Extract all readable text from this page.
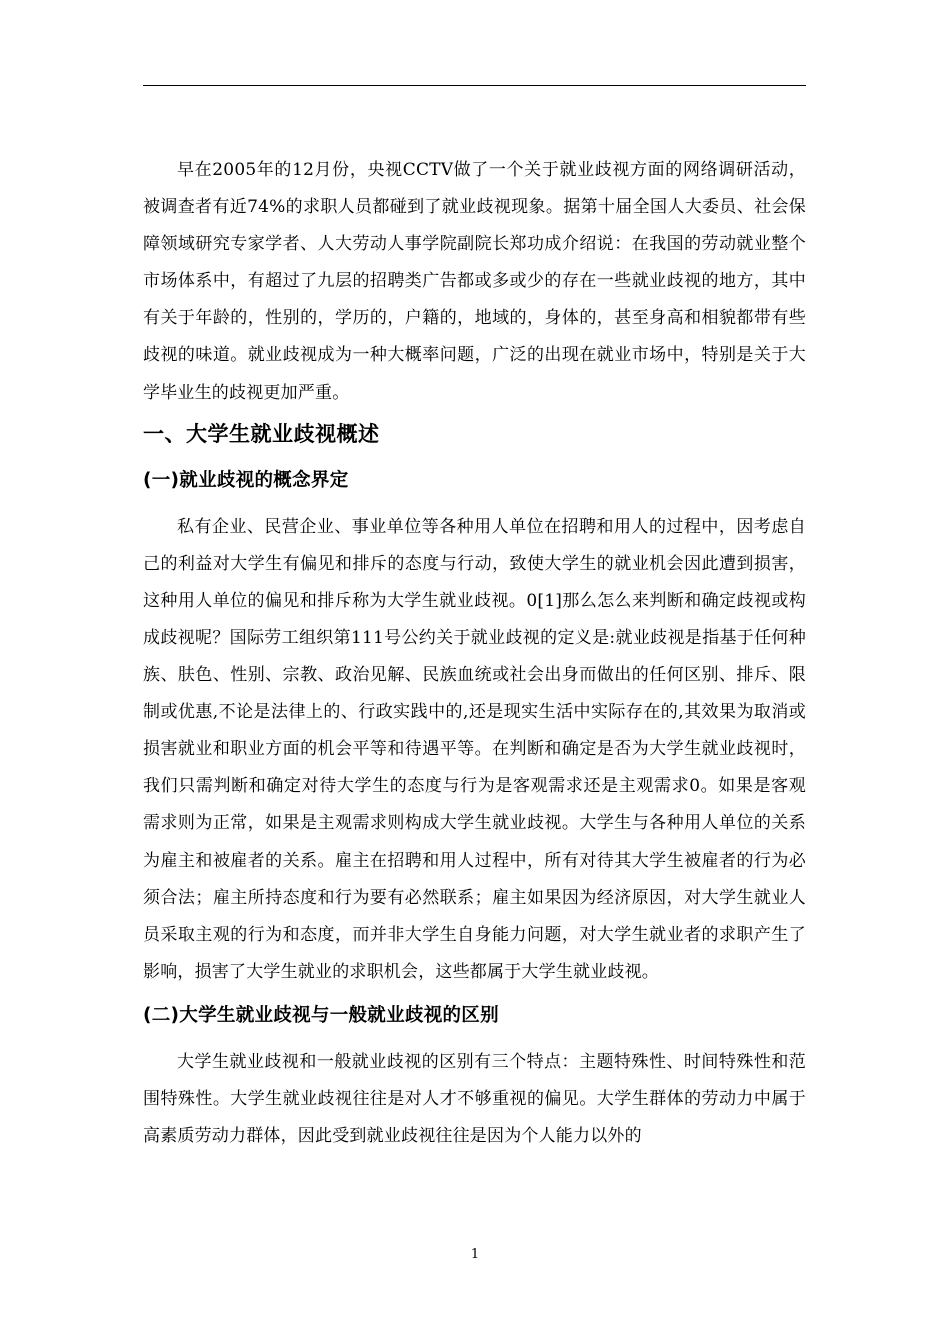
早在2005年的12月份，央视CCTV做了一个关于就业歧视方面的网络调研活动，被调查者有近74%的求职人员都碰到了就业歧视现象。据第十届全国人大委员、社会保障领域研究专家学者、人大劳动人事学院副院长郑功成介绍说：在我国的劳动就业整个市场体系中，有超过了九层的招聘类广告都或多或少的存在一些就业歧视的地方，其中有关于年龄的，性别的，学历的，户籍的，地域的，身体的，甚至身高和相貌都带有些歧视的味道。就业歧视成为一种大概率问题，广泛的出现在就业市场中，特别是关于大学毕业生的歧视更加严重。

一、大学生就业歧视概述
(一)就业歧视的概念界定

私有企业、民营企业、事业单位等各种用人单位在招聘和用人的过程中，因考虑自己的利益对大学生有偏见和排斥的态度与行动，致使大学生的就业机会因此遭到损害，这种用人单位的偏见和排斥称为大学生就业歧视。0[1]那么怎么来判断和确定歧视或构成歧视呢？国际劳工组织第111号公约关于就业歧视的定义是:就业歧视是指基于任何种族、肤色、性别、宗教、政治见解、民族血统或社会出身而做出的任何区别、排斥、限制或优惠,不论是法律上的、行政实践中的,还是现实生活中实际存在的,其效果为取消或损害就业和职业方面的机会平等和待遇平等。在判断和确定是否为大学生就业歧视时，我们只需判断和确定对待大学生的态度与行为是客观需求还是主观需求0。如果是客观需求则为正常，如果是主观需求则构成大学生就业歧视。大学生与各种用人单位的关系为雇主和被雇者的关系。雇主在招聘和用人过程中，所有对待其大学生被雇者的行为必须合法；雇主所持态度和行为要有必然联系；雇主如果因为经济原因，对大学生就业人员采取主观的行为和态度，而并非大学生自身能力问题，对大学生就业者的求职产生了影响，损害了大学生就业的求职机会，这些都属于大学生就业歧视。

(二)大学生就业歧视与一般就业歧视的区别

大学生就业歧视和一般就业歧视的区别有三个特点：主题特殊性、时间特殊性和范围特殊性。大学生就业歧视往往是对人才不够重视的偏见。大学生群体的劳动力中属于高素质劳动力群体，因此受到就业歧视往往是因为个人能力以外的

1
